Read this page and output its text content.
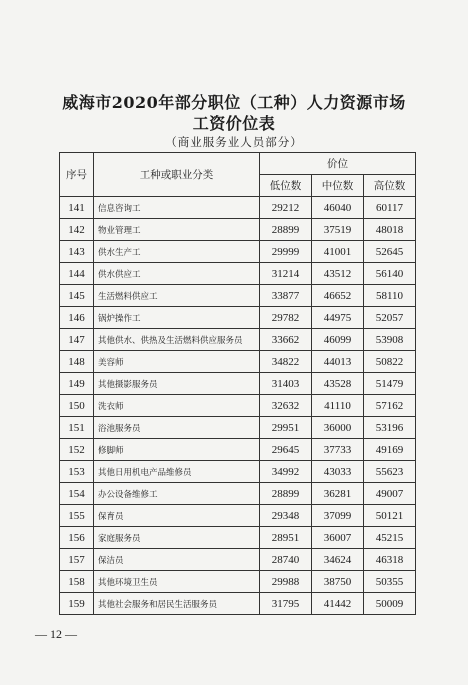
威海市2020年部分职位（工种）人力资源市场
工资价位表
（商业服务业人员部分）
序号	工种或职业分类	价位		
		低位数	中位数	高位数
141	信息咨询工	29212	46040	60117
142	物业管理工	28899	37519	48018
143	供水生产工	29999	41001	52645
144	供水供应工	31214	43512	56140
145	生活燃料供应工	33877	46652	58110
146	锅炉操作工	29782	44975	52057
147	其他供水、供热及生活燃料供应服务员	33662	46099	53908
148	美容师	34822	44013	50822
149	其他摄影服务员	31403	43528	51479
150	洗衣师	32632	41110	57162
151	浴池服务员	29951	36000	53196
152	修脚师	29645	37733	49169
153	其他日用机电产品维修员	34992	43033	55623
154	办公设备维修工	28899	36281	49007
155	保育员	29348	37099	50121
156	家庭服务员	28951	36007	45215
157	保洁员	28740	34624	46318
158	其他环境卫生员	29988	38750	50355
159	其他社会服务和居民生活服务员	31795	41442	50009
— 12 —
